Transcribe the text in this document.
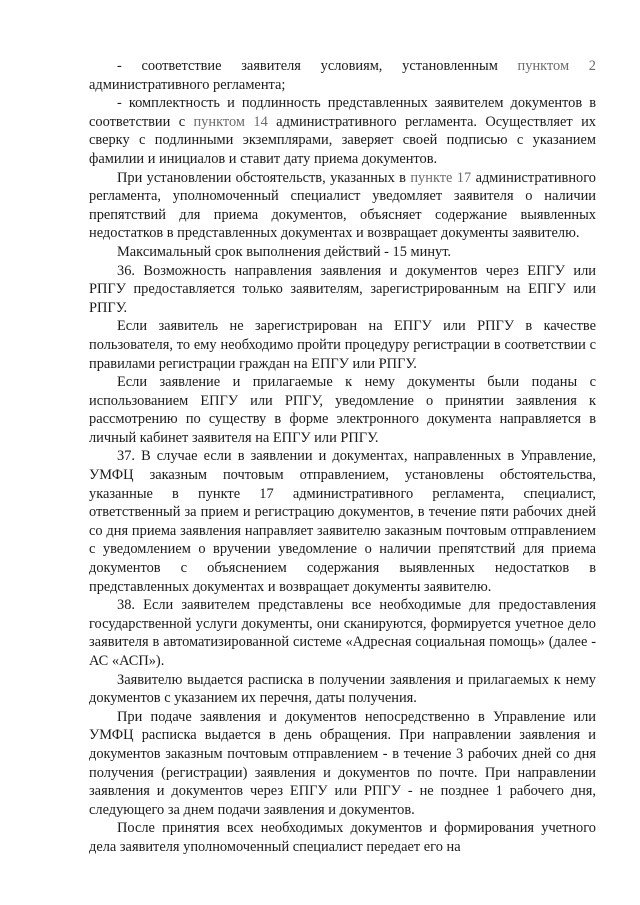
- соответствие заявителя условиям, установленным пунктом 2 административного регламента;

- комплектность и подлинность представленных заявителем документов в соответствии с пунктом 14 административного регламента. Осуществляет их сверку с подлинными экземплярами, заверяет своей подписью с указанием фамилии и инициалов и ставит дату приема документов.

При установлении обстоятельств, указанных в пункте 17 административного регламента, уполномоченный специалист уведомляет заявителя о наличии препятствий для приема документов, объясняет содержание выявленных недостатков в представленных документах и возвращает документы заявителю.

Максимальный срок выполнения действий - 15 минут.

36. Возможность направления заявления и документов через ЕПГУ или РПГУ предоставляется только заявителям, зарегистрированным на ЕПГУ или РПГУ.

Если заявитель не зарегистрирован на ЕПГУ или РПГУ в качестве пользователя, то ему необходимо пройти процедуру регистрации в соответствии с правилами регистрации граждан на ЕПГУ или РПГУ.

Если заявление и прилагаемые к нему документы были поданы с использованием ЕПГУ или РПГУ, уведомление о принятии заявления к рассмотрению по существу в форме электронного документа направляется в личный кабинет заявителя на ЕПГУ или РПГУ.

37. В случае если в заявлении и документах, направленных в Управление, УМФЦ заказным почтовым отправлением, установлены обстоятельства, указанные в пункте 17 административного регламента, специалист, ответственный за прием и регистрацию документов, в течение пяти рабочих дней со дня приема заявления направляет заявителю заказным почтовым отправлением с уведомлением о вручении уведомление о наличии препятствий для приема документов с объяснением содержания выявленных недостатков в представленных документах и возвращает документы заявителю.

38. Если заявителем представлены все необходимые для предоставления государственной услуги документы, они сканируются, формируется учетное дело заявителя в автоматизированной системе «Адресная социальная помощь» (далее - АС «АСП»).

Заявителю выдается расписка в получении заявления и прилагаемых к нему документов с указанием их перечня, даты получения.

При подаче заявления и документов непосредственно в Управление или УМФЦ расписка выдается в день обращения. При направлении заявления и документов заказным почтовым отправлением - в течение 3 рабочих дней со дня получения (регистрации) заявления и документов по почте. При направлении заявления и документов через ЕПГУ или РПГУ - не позднее 1 рабочего дня, следующего за днем подачи заявления и документов.

После принятия всех необходимых документов и формирования учетного дела заявителя уполномоченный специалист передает его на
